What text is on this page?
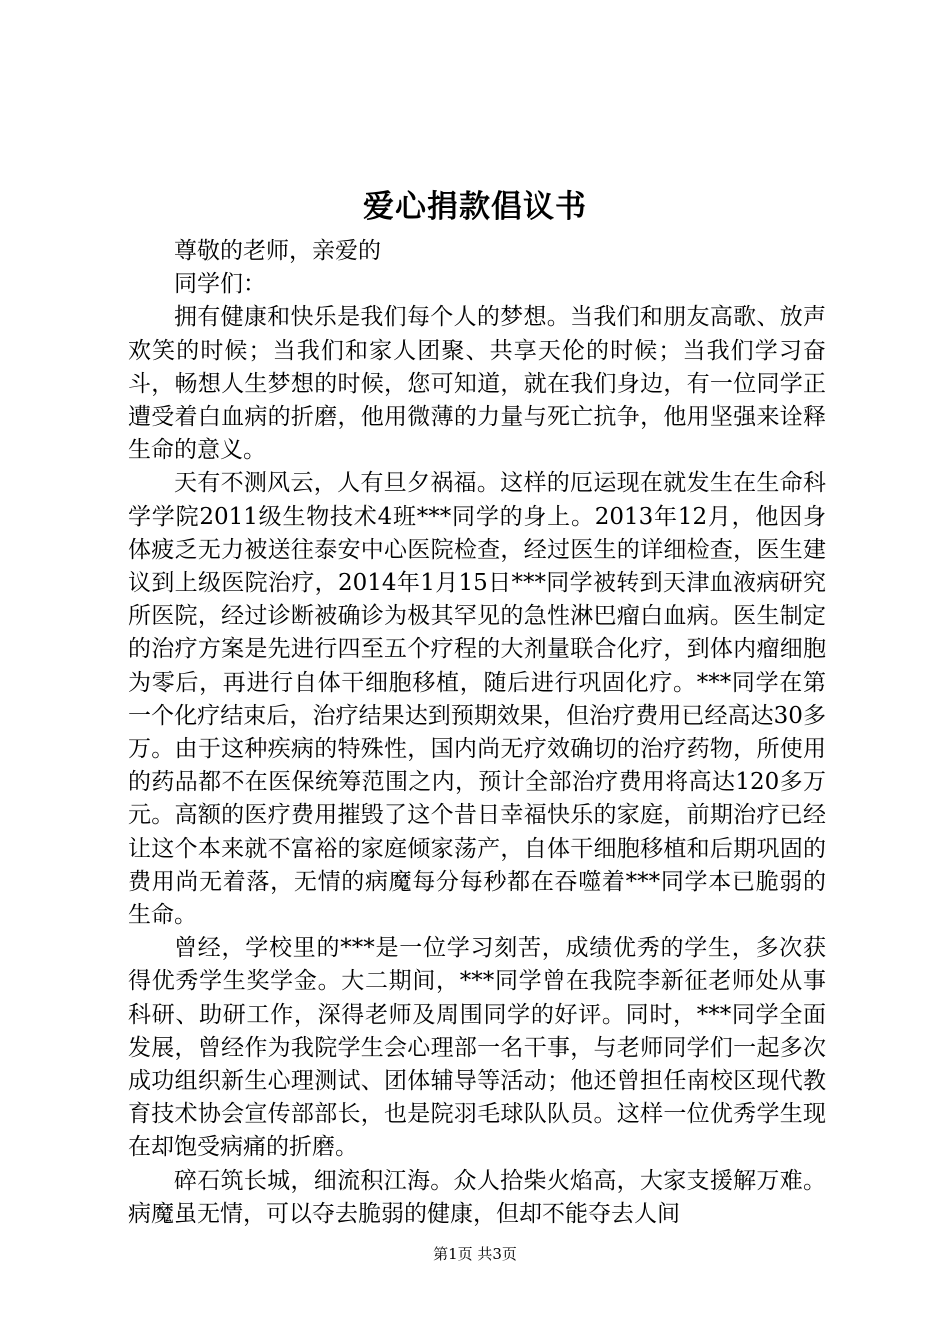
爱心捐款倡议书

尊敬的老师，亲爱的

同学们：

拥有健康和快乐是我们每个人的梦想。当我们和朋友高歌、放声欢笑的时候；当我们和家人团聚、共享天伦的时候；当我们学习奋斗，畅想人生梦想的时候，您可知道，就在我们身边，有一位同学正遭受着白血病的折磨，他用微薄的力量与死亡抗争，他用坚强来诠释生命的意义。

天有不测风云，人有旦夕祸福。这样的厄运现在就发生在生命科学学院2011级生物技术4班***同学的身上。2013年12月，他因身体疲乏无力被送往泰安中心医院检查，经过医生的详细检查，医生建议到上级医院治疗，2014年1月15日***同学被转到天津血液病研究所医院，经过诊断被确诊为极其罕见的急性淋巴瘤白血病。医生制定的治疗方案是先进行四至五个疗程的大剂量联合化疗，到体内瘤细胞为零后，再进行自体干细胞移植，随后进行巩固化疗。***同学在第一个化疗结束后，治疗结果达到预期效果，但治疗费用已经高达30多万。由于这种疾病的特殊性，国内尚无疗效确切的治疗药物，所使用的药品都不在医保统筹范围之内，预计全部治疗费用将高达120多万元。高额的医疗费用摧毁了这个昔日幸福快乐的家庭，前期治疗已经让这个本来就不富裕的家庭倾家荡产，自体干细胞移植和后期巩固的费用尚无着落，无情的病魔每分每秒都在吞噬着***同学本已脆弱的生命。

曾经，学校里的***是一位学习刻苦，成绩优秀的学生，多次获得优秀学生奖学金。大二期间，***同学曾在我院李新征老师处从事科研、助研工作，深得老师及周围同学的好评。同时，***同学全面发展，曾经作为我院学生会心理部一名干事，与老师同学们一起多次成功组织新生心理测试、团体辅导等活动；他还曾担任南校区现代教育技术协会宣传部部长，也是院羽毛球队队员。这样一位优秀学生现在却饱受病痛的折磨。

碎石筑长城，细流积江海。众人拾柴火焰高，大家支援解万难。病魔虽无情，可以夺去脆弱的健康，但却不能夺去人间

第1页 共3页
